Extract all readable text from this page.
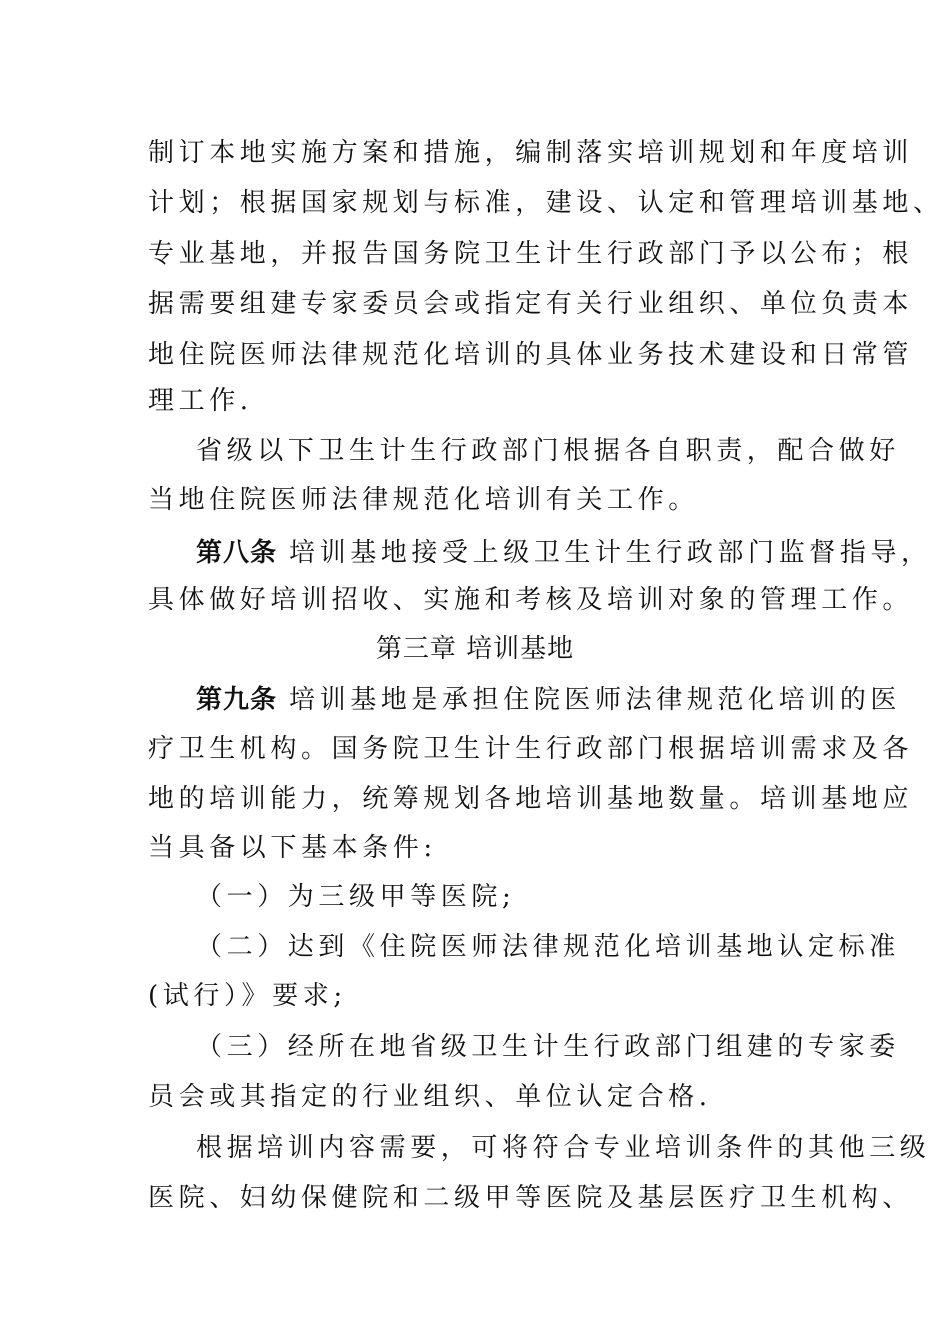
制订本地实施方案和措施，编制落实培训规划和年度培训
计划；根据国家规划与标准，建设、认定和管理培训基地、
专业基地，并报告国务院卫生计生行政部门予以公布；根
据需要组建专家委员会或指定有关行业组织、单位负责本
地住院医师法律规范化培训的具体业务技术建设和日常管
理工作.
省级以下卫生计生行政部门根据各自职责，配合做好
当地住院医师法律规范化培训有关工作。
第八条 培训基地接受上级卫生计生行政部门监督指导，
具体做好培训招收、实施和考核及培训对象的管理工作。
第三章 培训基地
第九条 培训基地是承担住院医师法律规范化培训的医
疗卫生机构。国务院卫生计生行政部门根据培训需求及各
地的培训能力，统筹规划各地培训基地数量。培训基地应
当具备以下基本条件:
（一）为三级甲等医院;
（二）达到《住院医师法律规范化培训基地认定标准
(试行）》要求;
（三）经所在地省级卫生计生行政部门组建的专家委
员会或其指定的行业组织、单位认定合格.
根据培训内容需要，可将符合专业培训条件的其他三级
医院、妇幼保健院和二级甲等医院及基层医疗卫生机构、
